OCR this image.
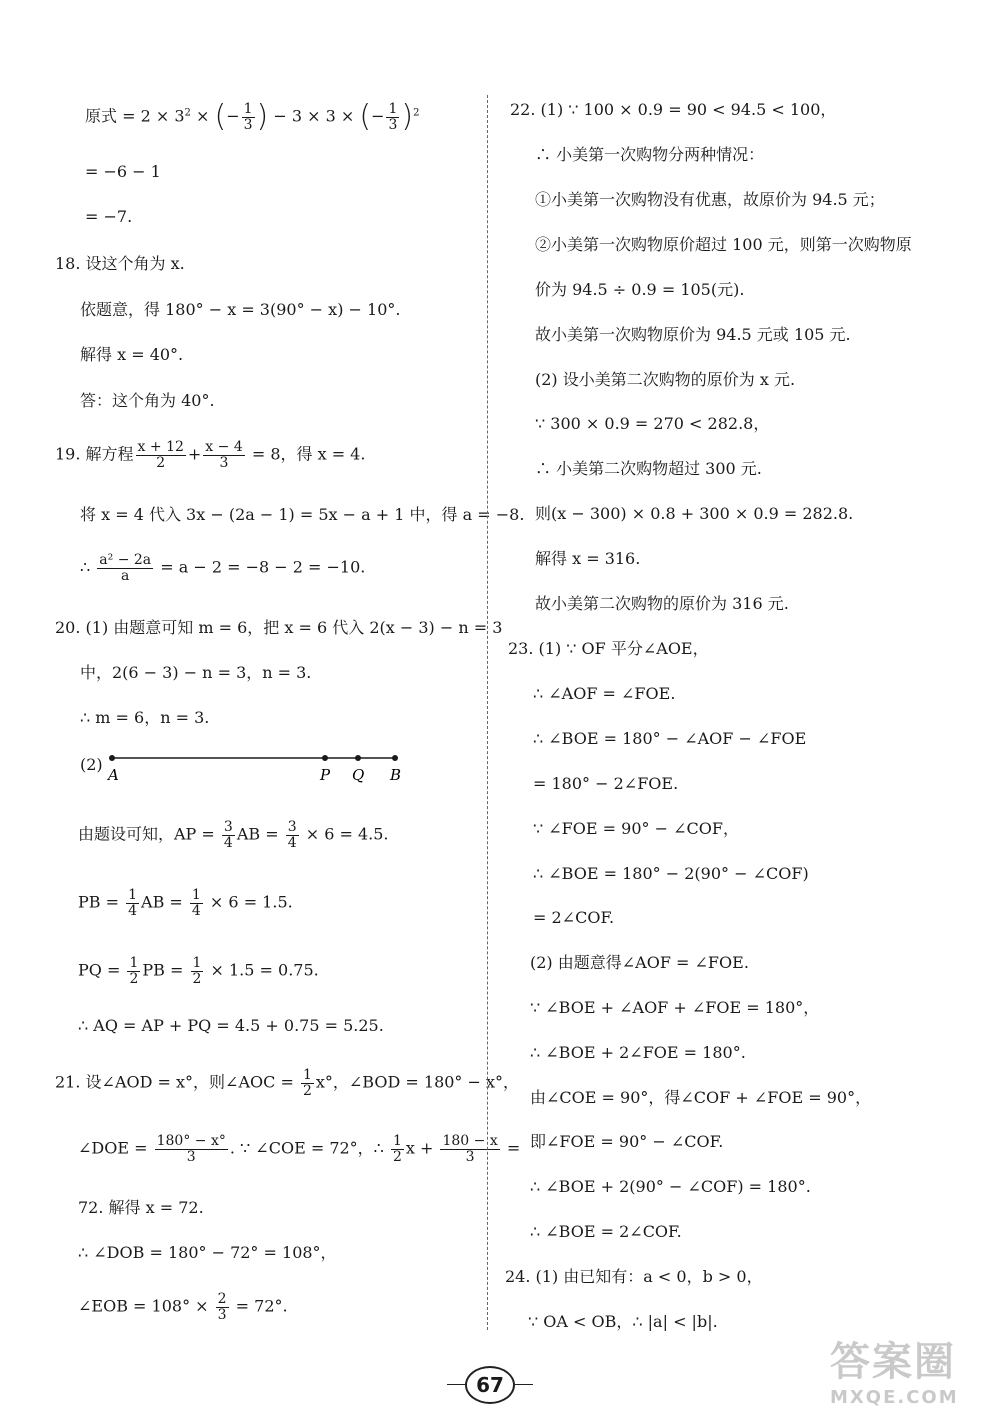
原式 = $2 \times 3^2$ × (− $\frac{1}{3}$ ) − 3 × 3 × (− $\frac{1}{3} )^2$
= −6 − 1
= −7.
18. 设这个角为 x.
依题意，得 180° − x = 3(90° − x) − 10°.
解得 x = 40°.
答：这个角为 40°.
19. 解方程 $\frac{x + 12}{2} + \frac{x - 4}{3} = 8$，得 x = 4.
将 x = 4 代入 3x − (2a − 1) = 5x − a + 1 中，得 a = −8.
∴ $\frac{\text{a² − 2a}}{a} = a - 2 = -8 - 2 = -10$.
20. (1) 由题意可知 m = 6，把 x = 6 代入 2(x − 3) − n = 3
中，2(6 − 3) − n = 3，n = 3.
∴ m = 6，n = 3.
(2)
A	P Q B
由题设可知，AP = $\frac{3}{4}$ AB = $\frac{3}{4} \times 6 = 4.5$.
PB = $\frac{1}{4}$ AB = $\frac{1}{4} \times 6 = 1.5$.
PQ = $\frac{1}{2}$ PB = $\frac{1}{2} \times 1.5 = 0.75$.
∴ AQ = AP + PQ = 4.5 + 0.75 = 5.25.
21. 设∠AOD = x°，则∠AOC = $\frac{1}{2} x^\circ$，∠BOD = 180° − x°，
∠DOE = $\frac{180^\circ - x^\circ}{3}$ . ∵ ∠COE = 72°，∴ $\frac{1}{2}$ $x + \frac{180 - x}{3}$ =
72. 解得 x = 72.
∴ ∠DOB = 180° − 72° = 108°，
∠EOB = $108^\circ \times \frac{2}{3} = 72^\circ$.
22. (1) ∵ 100 × 0.9 = 90 < 94.5 < 100，
∴ 小美第一次购物分两种情况：
①小美第一次购物没有优惠，故原价为 94.5 元；
②小美第一次购物原价超过 100 元，则第一次购物原
价为 94.5 ÷ 0.9 = 105(元).
故小美第一次购物原价为 94.5 元或 105 元.
(2) 设小美第二次购物的原价为 x 元.
∵ 300 × 0.9 = 270 < 282.8，
∴ 小美第二次购物超过 300 元.
则(x − 300) × 0.8 + 300 × 0.9 = 282.8.
解得 x = 316.
故小美第二次购物的原价为 316 元.
23. (1) ∵ OF 平分∠AOE，
∴ ∠AOF = ∠FOE.
∴ ∠BOE = 180° − ∠AOF − ∠FOE
= 180° − 2∠FOE.
∵ ∠FOE = 90° − ∠COF，
∴ ∠BOE = 180° − 2(90° − ∠COF)
= 2∠COF.
(2) 由题意得∠AOF = ∠FOE.
∵ ∠BOE + ∠AOF + ∠FOE = 180°，
∴ ∠BOE + 2∠FOE = 180°.
由∠COE = 90°，得∠COF + ∠FOE = 90°，
即∠FOE = 90° − ∠COF.
∴ ∠BOE + 2(90° − ∠COF) = 180°.
∴ ∠BOE = 2∠COF.
24. (1) 由已知有：a < 0，b > 0，
∵ OA < OB，∴ |a| < |b|.
67	答案圈
MXQE.COM
